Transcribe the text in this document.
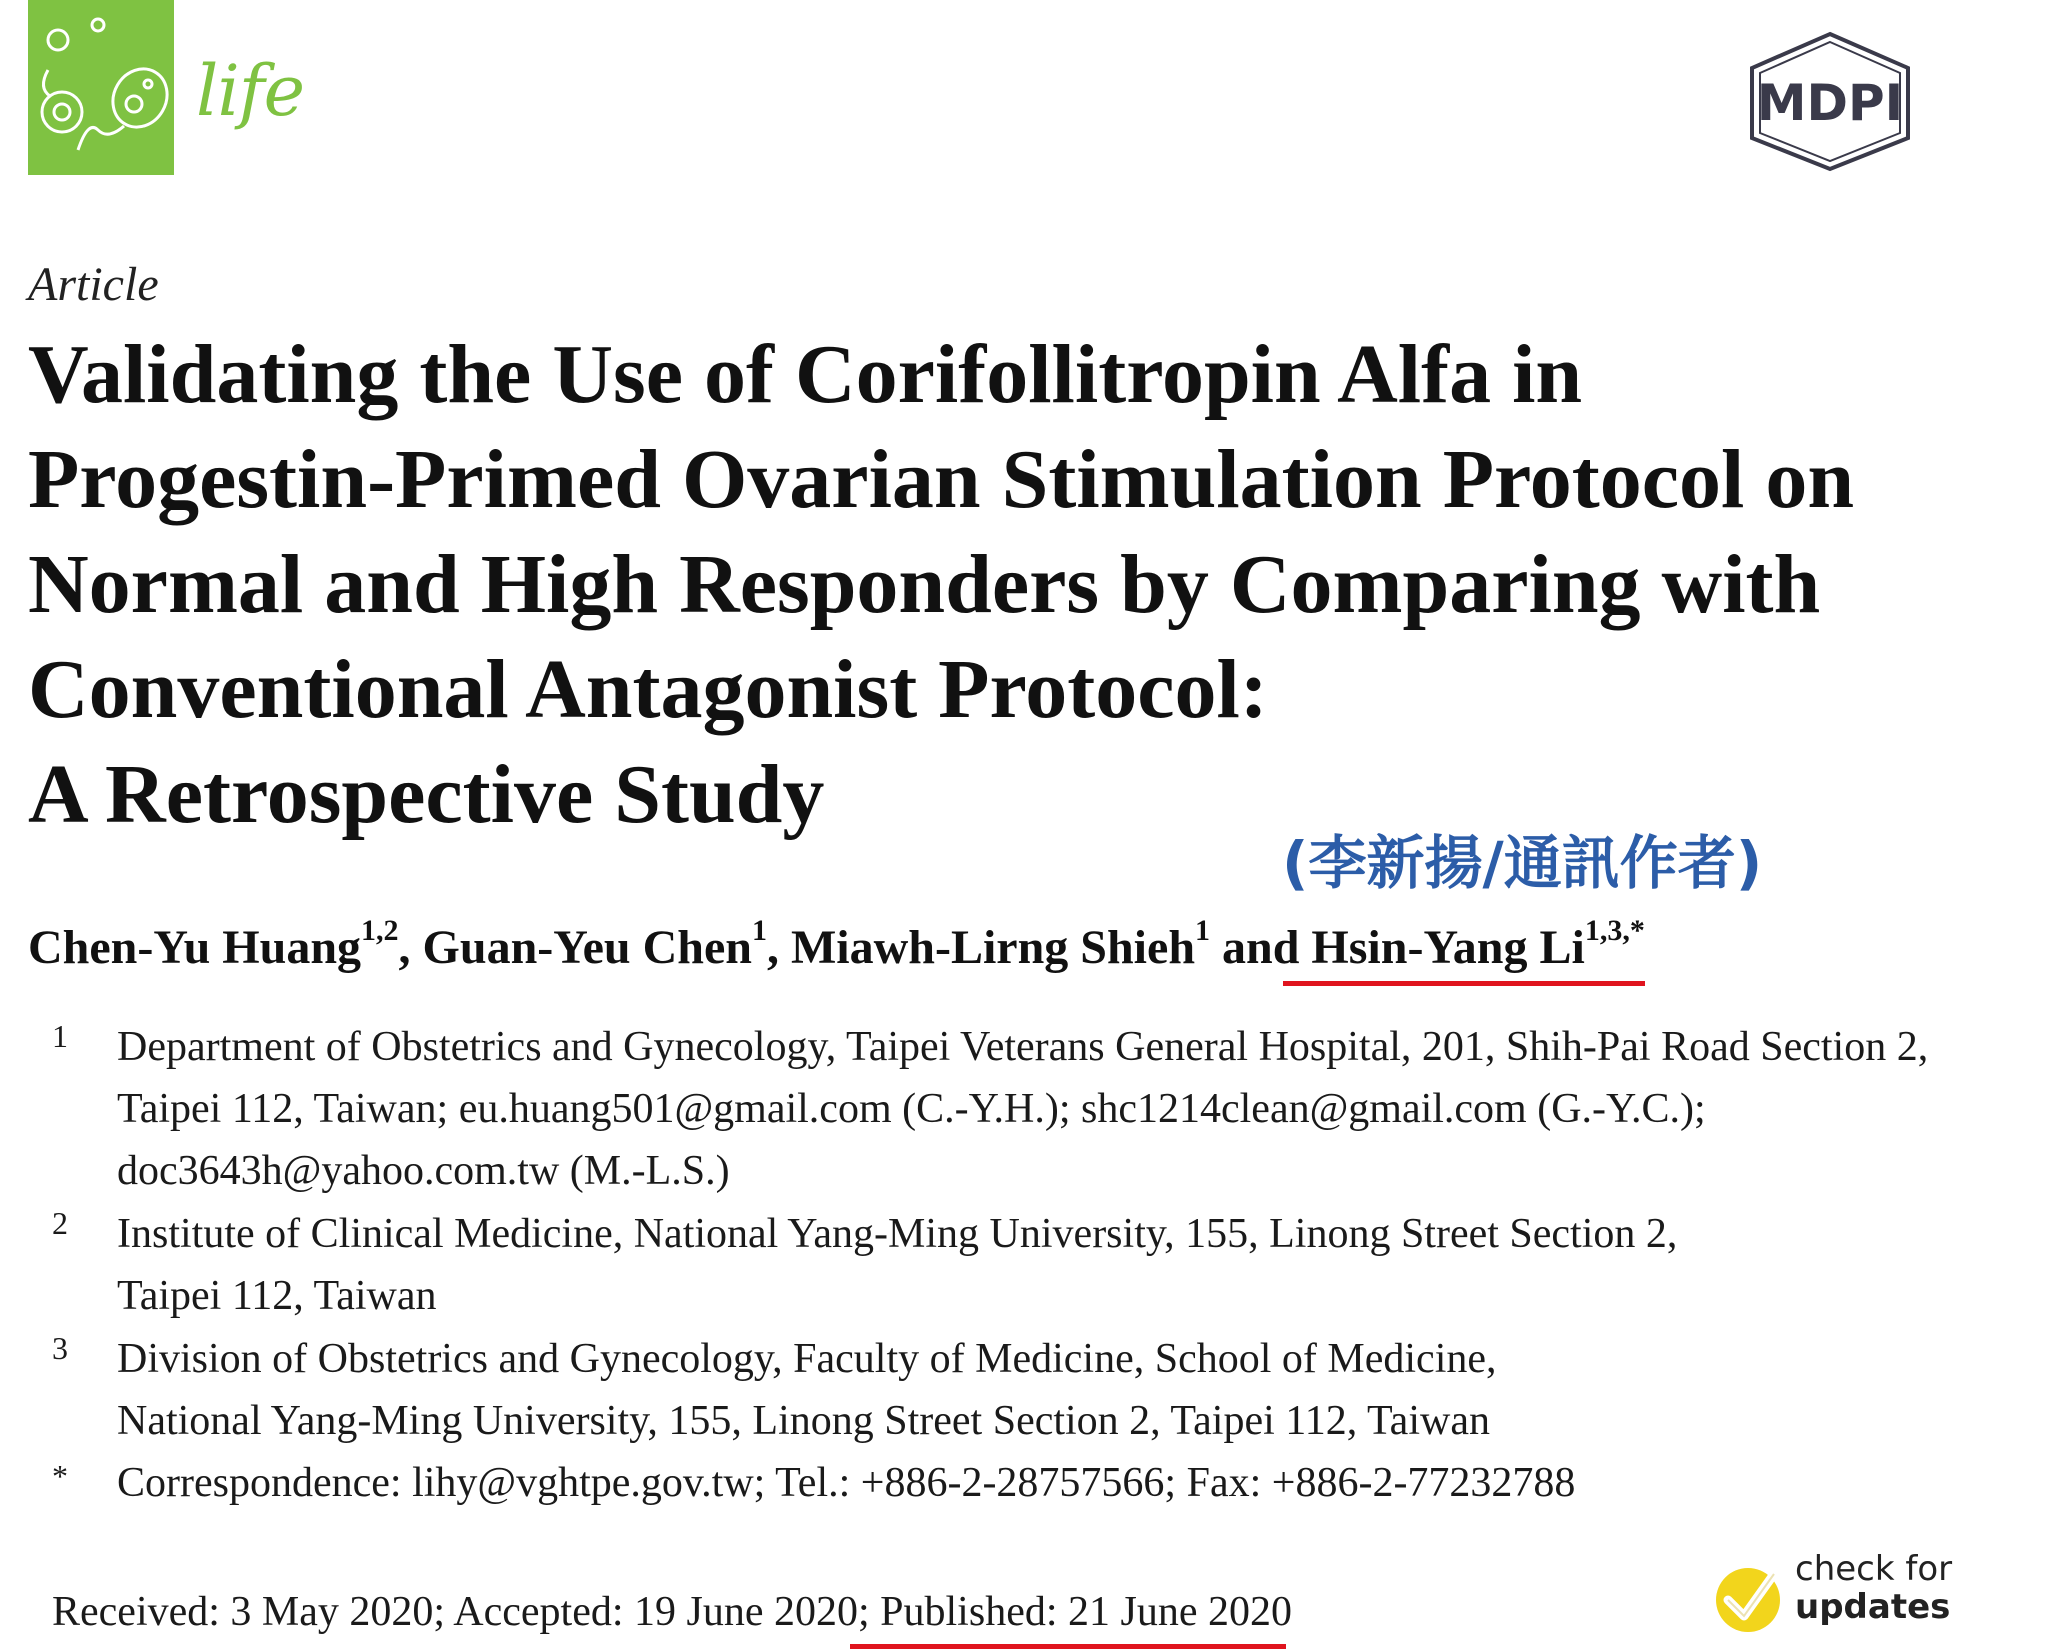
life	MDPI
Article
Validating the Use of Corifollitropin Alfa in
Progestin-Primed Ovarian Stimulation Protocol on
Normal and High Responders by Comparing with
Conventional Antagonist Protocol:
A Retrospective Study
(李新揚/通訊作者)
Chen-Yu Huang$^{1,2}$, Guan-Yeu Chen$^1$, Miawh-Lirng Shieh$^1$ and Hsin-Yang $Li^{1,3,*}$
1 Department of Obstetrics and Gynecology, Taipei Veterans General Hospital, 201, Shih-Pai Road Section 2,
Taipei 112, Taiwan; eu.huang501@gmail.com (C.-Y.H.); shc1214clean@gmail.com (G.-Y.C.);
doc3643h@yahoo.com.tw (M.-L.S.)
2 Institute of Clinical Medicine, National Yang-Ming University, 155, Linong Street Section 2,
Taipei 112, Taiwan
3 Division of Obstetrics and Gynecology, Faculty of Medicine, School of Medicine,
National Yang-Ming University, 155, Linong Street Section 2, Taipei 112, Taiwan
* Correspondence: lihy@vghtpe.gov.tw; Tel.: +886-2-28757566; Fax: +886-2-77232788
Received: 3 May 2020; Accepted: 19 June 2020; Published: 21 June 2020
check for
updates
